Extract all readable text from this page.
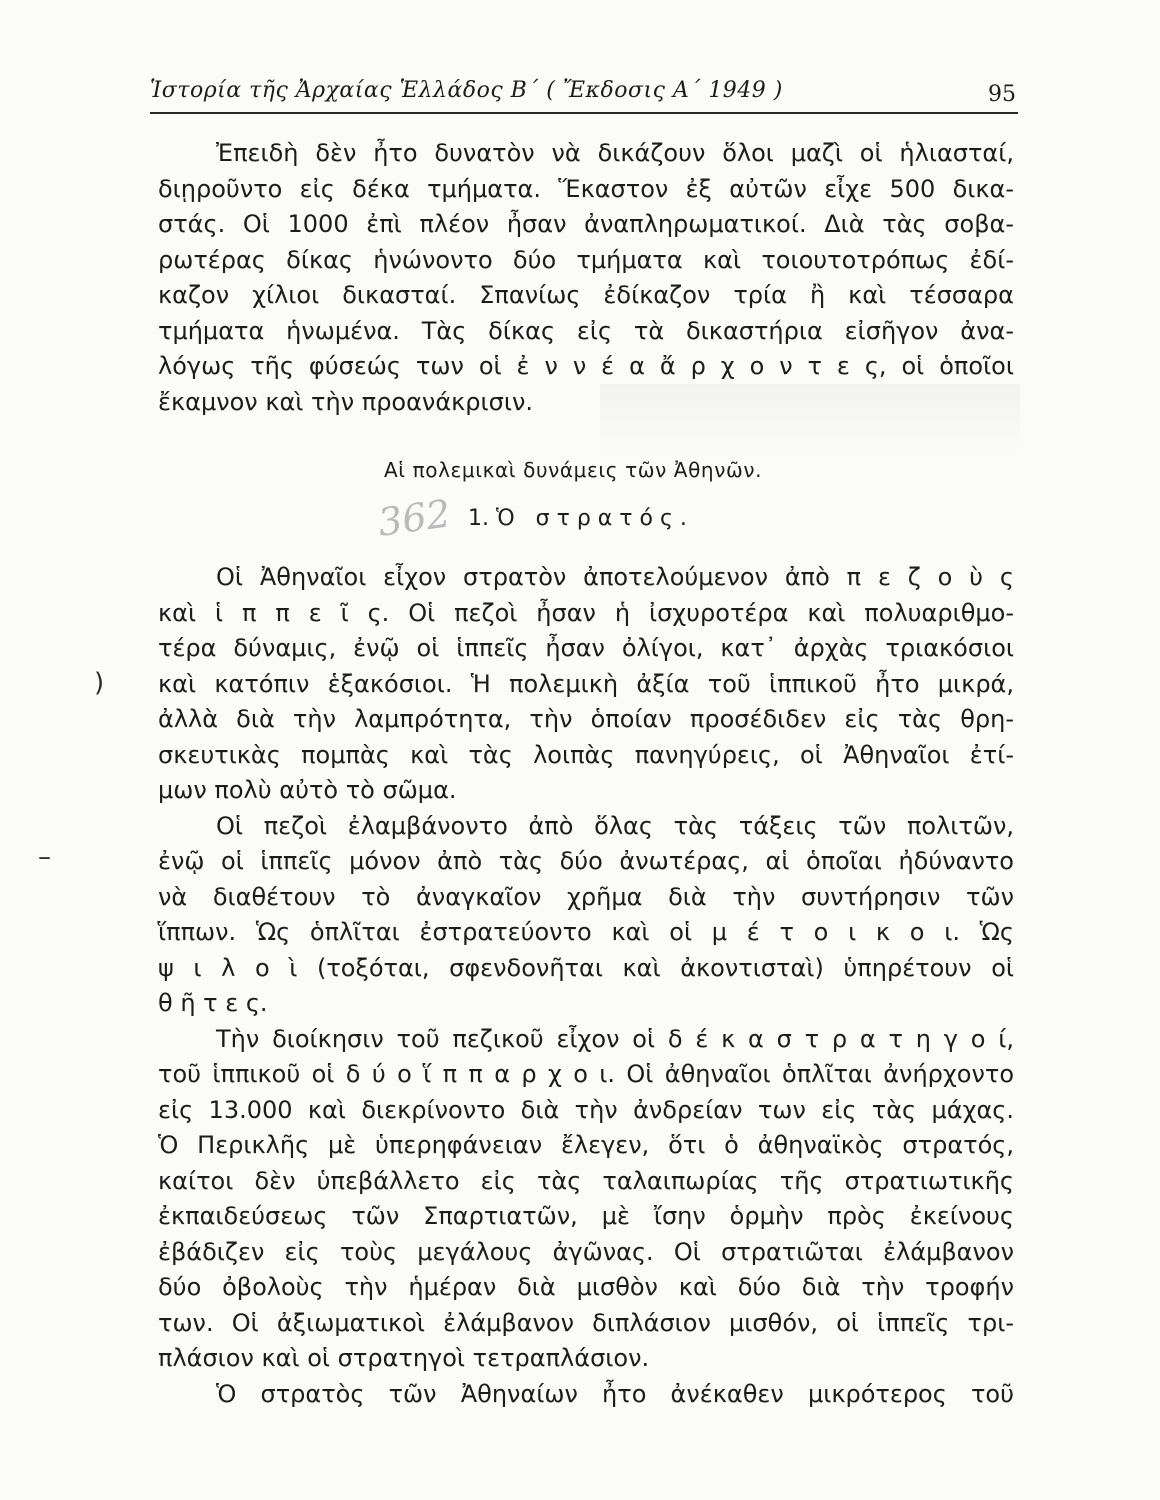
Ἱστορία τῆς Ἀρχαίας Ἑλλάδος Β΄ ( Ἔκδοσις Α΄ 1949 )	95
Ἐπειδὴ δὲν ἦτο δυνατὸν νὰ δικάζουν ὅλοι μαζὶ οἱ ἡλιασταί,
διῃροῦντο εἰς δέκα τμήματα. Ἕκαστον ἐξ αὐτῶν εἶχε 500 δικα-
στάς. Οἱ 1000 ἐπὶ πλέον ἦσαν ἀναπληρωματικοί. Διὰ τὰς σοβα-
ρωτέρας δίκας ἡνώνοντο δύο τμήματα καὶ τοιουτοτρόπως ἐδί-
καζον χίλιοι δικασταί. Σπανίως ἐδίκαζον τρία ἢ καὶ τέσσαρα
τμήματα ἡνωμένα. Τὰς δίκας εἰς τὰ δικαστήρια εἰσῆγον ἀνα-
λόγως τῆς φύσεώς των οἱ ἐ ν ν έ α ἄ ρ χ ο ν τ ε ς, οἱ ὁποῖοι
ἔκαμνον καὶ τὴν προανάκρισιν.
Αἱ πολεμικαὶ δυνάμεις τῶν Ἀθηνῶν.
362 1. Ὁ στρατός.
Οἱ Ἀθηναῖοι εἶχον στρατὸν ἀποτελούμενον ἀπὸ π ε ζ ο ὺ ς
καὶ ἱ π π ε ῖ ς. Οἱ πεζοὶ ἦσαν ἡ ἰσχυροτέρα καὶ πολυαριθμο-
τέρα δύναμις, ἐνῷ οἱ ἱππεῖς ἦσαν ὀλίγοι, κατ᾿ ἀρχὰς τριακόσιοι
καὶ κατόπιν ἑξακόσιοι. Ἡ πολεμικὴ ἀξία τοῦ ἱππικοῦ ἦτο μικρά,
ἀλλὰ διὰ τὴν λαμπρότητα, τὴν ὁποίαν προσέδιδεν εἰς τὰς θρη-
σκευτικὰς πομπὰς καὶ τὰς λοιπὰς πανηγύρεις, οἱ Ἀθηναῖοι ἐτί-
μων πολὺ αὐτὸ τὸ σῶμα.
Οἱ πεζοὶ ἐλαμβάνοντο ἀπὸ ὅλας τὰς τάξεις τῶν πολιτῶν,
ἐνῷ οἱ ἱππεῖς μόνον ἀπὸ τὰς δύο ἀνωτέρας, αἱ ὁποῖαι ἠδύναντο
νὰ διαθέτουν τὸ ἀναγκαῖον χρῆμα διὰ τὴν συντήρησιν τῶν
ἵππων. Ὡς ὁπλῖται ἐστρατεύοντο καὶ οἱ μ έ τ ο ι κ ο ι. Ὡς
ψ ι λ ο ὶ (τοξόται, σφενδονῆται καὶ ἀκοντισταὶ) ὑπηρέτουν οἱ
θ ῆ τ ε ς.
Τὴν διοίκησιν τοῦ πεζικοῦ εἶχον οἱ δ έ κ α σ τ ρ α τ η γ ο ί,
τοῦ ἱππικοῦ οἱ δ ύ ο ἵ π π α ρ χ ο ι. Οἱ ἀθηναῖοι ὁπλῖται ἀνήρχοντο
εἰς 13.000 καὶ διεκρίνοντο διὰ τὴν ἀνδρείαν των εἰς τὰς μάχας.
Ὁ Περικλῆς μὲ ὑπερηφάνειαν ἔλεγεν, ὅτι ὁ ἀθηναϊκὸς στρατός,
καίτοι δὲν ὑπεβάλλετο εἰς τὰς ταλαιπωρίας τῆς στρατιωτικῆς
ἐκπαιδεύσεως τῶν Σπαρτιατῶν, μὲ ἴσην ὁρμὴν πρὸς ἐκείνους
ἐβάδιζεν εἰς τοὺς μεγάλους ἀγῶνας. Οἱ στρατιῶται ἐλάμβανον
δύο ὀβολοὺς τὴν ἡμέραν διὰ μισθὸν καὶ δύο διὰ τὴν τροφήν
των. Οἱ ἀξιωματικοὶ ἐλάμβανον διπλάσιον μισθόν, οἱ ἱππεῖς τρι-
πλάσιον καὶ οἱ στρατηγοὶ τετραπλάσιον.
Ὁ στρατὸς τῶν Ἀθηναίων ἦτο ἀνέκαθεν μικρότερος τοῦ
)
–
